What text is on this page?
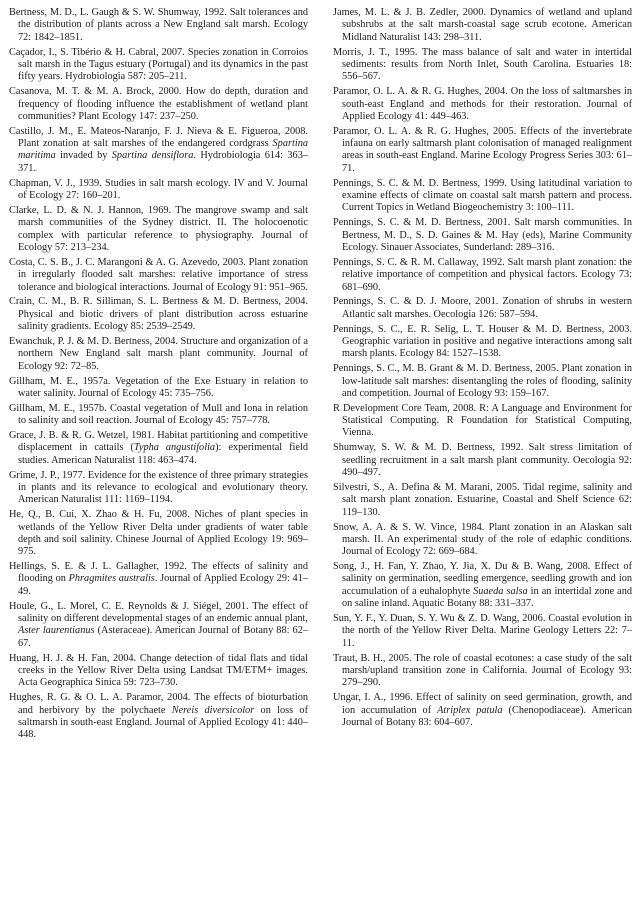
Bertness, M. D., L. Gaugh & S. W. Shumway, 1992. Salt tolerances and the distribution of plants across a New England salt marsh. Ecology 72: 1842–1851.
Caçador, I., S. Tibério & H. Cabral, 2007. Species zonation in Corroios salt marsh in the Tagus estuary (Portugal) and its dynamics in the past fifty years. Hydrobiologia 587: 205–211.
Casanova, M. T. & M. A. Brock, 2000. How do depth, duration and frequency of flooding influence the establishment of wetland plant communities? Plant Ecology 147: 237–250.
Castillo, J. M., E. Mateos-Naranjo, F. J. Nieva & E. Figueroa, 2008. Plant zonation at salt marshes of the endangered cordgrass Spartina maritima invaded by Spartina densiflora. Hydrobiologia 614: 363–371.
Chapman, V. J., 1939. Studies in salt marsh ecology. IV and V. Journal of Ecology 27: 160–201.
Clarke, L. D. & N. J. Hannon, 1969. The mangrove swamp and salt marsh communities of the Sydney district. II. The holocoenotic complex with particular reference to physiography. Journal of Ecology 57: 213–234.
Costa, C. S. B., J. C. Marangoni & A. G. Azevedo, 2003. Plant zonation in irregularly flooded salt marshes: relative importance of stress tolerance and biological interactions. Journal of Ecology 91: 951–965.
Crain, C. M., B. R. Silliman, S. L. Bertness & M. D. Bertness, 2004. Physical and biotic drivers of plant distribution across estuarine salinity gradients. Ecology 85: 2539–2549.
Ewanchuk, P. J. & M. D. Bertness, 2004. Structure and organization of a northern New England salt marsh plant community. Journal of Ecology 92: 72–85.
Gillham, M. E., 1957a. Vegetation of the Exe Estuary in relation to water salinity. Journal of Ecology 45: 735–756.
Gillham, M. E., 1957b. Coastal vegetation of Mull and Iona in relation to salinity and soil reaction. Journal of Ecology 45: 757–778.
Grace, J. B. & R. G. Wetzel, 1981. Habitat partitioning and competitive displacement in cattails (Typha angustifolia): experimental field studies. American Naturalist 118: 463–474.
Grime, J. P., 1977. Evidence for the existence of three primary strategies in plants and its relevance to ecological and evolutionary theory. American Naturalist 111: 1169–1194.
He, Q., B. Cui, X. Zhao & H. Fu, 2008. Niches of plant species in wetlands of the Yellow River Delta under gradients of water table depth and soil salinity. Chinese Journal of Applied Ecology 19: 969–975.
Hellings, S. E. & J. L. Gallagher, 1992. The effects of salinity and flooding on Phragmites australis. Journal of Applied Ecology 29: 41–49.
Houle, G., L. Morel, C. E. Reynolds & J. Siégel, 2001. The effect of salinity on different developmental stages of an endemic annual plant, Aster laurentianus (Asteraceae). American Journal of Botany 88: 62–67.
Huang, H. J. & H. Fan, 2004. Change detection of tidal flats and tidal creeks in the Yellow River Delta using Landsat TM/ETM+ images. Acta Geographica Sinica 59: 723–730.
Hughes, R. G. & O. L. A. Paramor, 2004. The effects of bioturbation and herbivory by the polychaete Nereis diversicolor on loss of saltmarsh in south-east England. Journal of Applied Ecology 41: 440–448.
James, M. L. & J. B. Zedler, 2000. Dynamics of wetland and upland subshrubs at the salt marsh-coastal sage scrub ecotone. American Midland Naturalist 143: 298–311.
Morris, J. T., 1995. The mass balance of salt and water in intertidal sediments: results from North Inlet, South Carolina. Estuaries 18: 556–567.
Paramor, O. L. A. & R. G. Hughes, 2004. On the loss of saltmarshes in south-east England and methods for their restoration. Journal of Applied Ecology 41: 449–463.
Paramor, O. L. A. & R. G. Hughes, 2005. Effects of the invertebrate infauna on early saltmarsh plant colonisation of managed realignment areas in south-east England. Marine Ecology Progress Series 303: 61–71.
Pennings, S. C. & M. D. Bertness, 1999. Using latitudinal variation to examine effects of climate on coastal salt marsh pattern and process. Current Topics in Wetland Biogeochemistry 3: 100–111.
Pennings, S. C. & M. D. Bertness, 2001. Salt marsh communities. In Bertness, M. D., S. D. Gaines & M. Hay (eds), Marine Community Ecology. Sinauer Associates, Sunderland: 289–316.
Pennings, S. C. & R. M. Callaway, 1992. Salt marsh plant zonation: the relative importance of competition and physical factors. Ecology 73: 681–690.
Pennings, S. C. & D. J. Moore, 2001. Zonation of shrubs in western Atlantic salt marshes. Oecologia 126: 587–594.
Pennings, S. C., E. R. Selig, L. T. Houser & M. D. Bertness, 2003. Geographic variation in positive and negative interactions among salt marsh plants. Ecology 84: 1527–1538.
Pennings, S. C., M. B. Grant & M. D. Bertness, 2005. Plant zonation in low-latitude salt marshes: disentangling the roles of flooding, salinity and competition. Journal of Ecology 93: 159–167.
R Development Core Team, 2008. R: A Language and Environment for Statistical Computing. R Foundation for Statistical Computing, Vienna.
Shumway, S. W. & M. D. Bertness, 1992. Salt stress limitation of seedling recruitment in a salt marsh plant community. Oecologia 92: 490–497.
Silvestri, S., A. Defina & M. Marani, 2005. Tidal regime, salinity and salt marsh plant zonation. Estuarine, Coastal and Shelf Science 62: 119–130.
Snow, A. A. & S. W. Vince, 1984. Plant zonation in an Alaskan salt marsh. II. An experimental study of the role of edaphic conditions. Journal of Ecology 72: 669–684.
Song, J., H. Fan, Y. Zhao, Y. Jia, X. Du & B. Wang, 2008. Effect of salinity on germination, seedling emergence, seedling growth and ion accumulation of a euhalophyte Suaeda salsa in an intertidal zone and on saline inland. Aquatic Botany 88: 331–337.
Sun, Y. F., Y. Duan, S. Y. Wu & Z. D. Wang, 2006. Coastal evolution in the north of the Yellow River Delta. Marine Geology Letters 22: 7–11.
Traut, B. H., 2005. The role of coastal ecotones: a case study of the salt marsh/upland transition zone in California. Journal of Ecology 93: 279–290.
Ungar, I. A., 1996. Effect of salinity on seed germination, growth, and ion accumulation of Atriplex patula (Chenopodiaceae). American Journal of Botany 83: 604–607.
